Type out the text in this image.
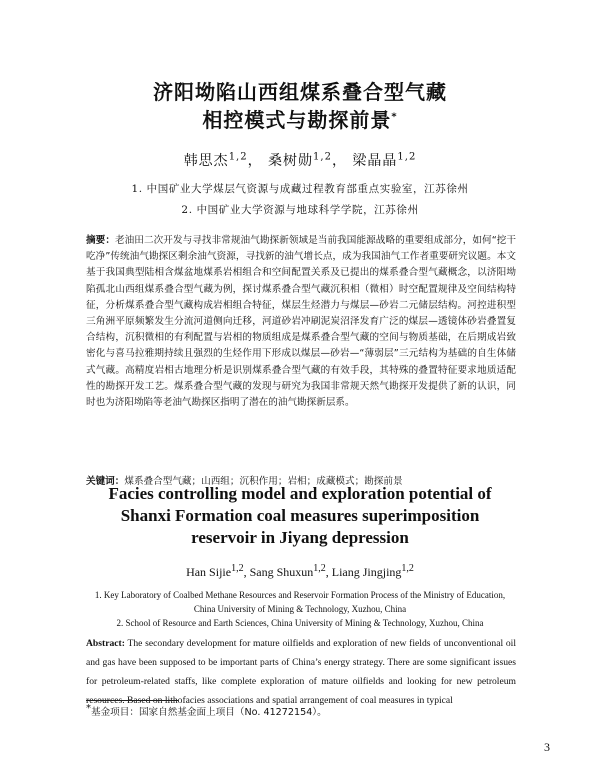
济阳坳陷山西组煤系叠合型气藏
相控模式与勘探前景*
韩思杰$^{1,2}$， 桑树勋$^{1,2}$， 梁晶晶$^{1,2}$
1. 中国矿业大学煤层气资源与成藏过程教育部重点实验室，江苏徐州
2. 中国矿业大学资源与地球科学学院，江苏徐州
摘要：老油田二次开发与寻找非常规油气勘探新领域是当前我国能源战略的重要组成部分，如何“挖干吃净”传统油气勘探区剩余油气资源，寻找新的油气增长点，成为我国油气工作者重要研究议题。本文基于我国典型陆相含煤盆地煤系岩相组合和空间配置关系及已提出的煤系叠合型气藏概念，以济阳坳陷孤北山西组煤系叠合型气藏为例，探讨煤系叠合型气藏沉积相（微相）时空配置规律及空间结构特征，分析煤系叠合型气藏构成岩相组合特征，煤层生烃潜力与煤层—砂岩二元储层结构。河控进积型三角洲平原频繁发生分流河道侧向迁移，河道砂岩冲刷泥炭沼泽发育广泛的煤层—透镜体砂岩叠置复合结构，沉积微相的有利配置与岩相的物质组成是煤系叠合型气藏的空间与物质基础，在后期成岩致密化与喜马拉雅期持续且强烈的生烃作用下形成以煤层—砂岩—“薄弱层”三元结构为基础的自生体储式气藏。高精度岩相古地理分析是识别煤系叠合型气藏的有效手段，其特殊的叠置特征要求地质适配性的勘探开发工艺。煤系叠合型气藏的发现与研究为我国非常规天然气勘探开发提供了新的认识，同时也为济阳坳陷等老油气勘探区指明了潜在的油气勘探新层系。
关键词：煤系叠合型气藏；山西组；沉积作用；岩相；成藏模式；勘探前景
Facies controlling model and exploration potential of
Shanxi Formation coal measures superimposition
reservoir in Jiyang depression
Han Sijie$^{1,2}$, Sang Shuxun$^{1,2}$, Liang Jingjing$^{1,2}$
1. Key Laboratory of Coalbed Methane Resources and Reservoir Formation Process of the Ministry of Education,
China University of Mining & Technology, Xuzhou, China
2. School of Resource and Earth Sciences, China University of Mining & Technology, Xuzhou, China
Abstract: The secondary development for mature oilfields and exploration of new fields of unconventional oil and gas have been supposed to be important parts of China’s energy strategy. There are some significant issues for petroleum-related staffs, like complete exploration of mature oilfields and looking for new petroleum resources. Based on lithofacies associations and spatial arrangement of coal measures in typical
*基金项目：国家自然基金面上项目（No. 41272154）。
3
